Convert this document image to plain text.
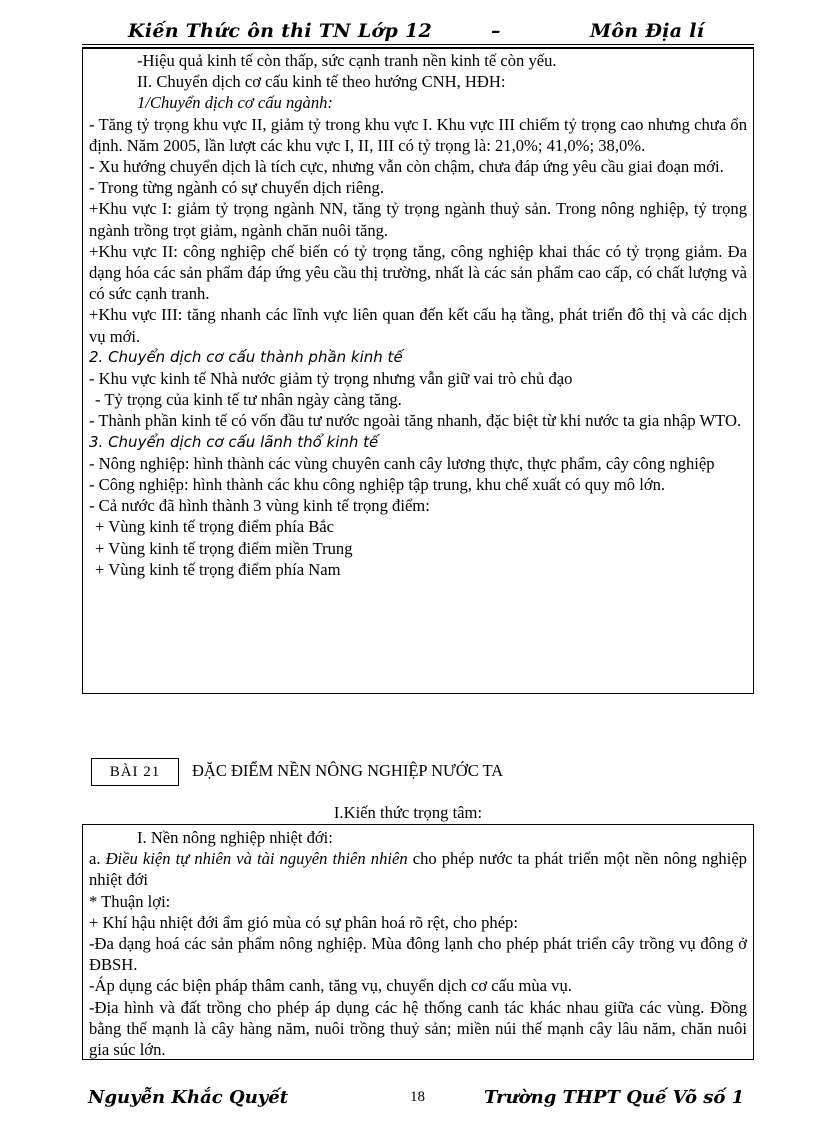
Kiến Thức ôn thi TN Lớp 12	–	Môn Địa lí

-Hiệu quả kinh tế còn thấp, sức cạnh tranh nền kinh tế còn yếu.

II. Chuyển dịch cơ cấu kinh tế theo hướng CNH, HĐH:

1/Chuyển dịch cơ cấu ngành:

- Tăng tỷ trọng khu vực II, giảm tỷ trong khu vực I. Khu vực III chiếm tỷ trọng cao nhưng chưa ổn định. Năm 2005, lần lượt các khu vực I, II, III có tỷ trọng là: 21,0%; 41,0%; 38,0%.

- Xu hướng chuyển dịch là tích cực, nhưng vẫn còn chậm, chưa đáp ứng yêu cầu giai đoạn mới.

- Trong từng ngành có sự chuyển dịch riêng.

+Khu vực I: giảm tỷ trọng ngành NN, tăng tỷ trọng ngành thuỷ sản. Trong nông nghiệp, tỷ trọng ngành trồng trọt giảm, ngành chăn nuôi tăng.

+Khu vực II: công nghiệp chế biến có tỷ trọng tăng, công nghiệp khai thác có tỷ trọng giảm. Đa dạng hóa các sản phẩm đáp ứng yêu cầu thị trường, nhất là các sản phẩm cao cấp, có chất lượng và có sức cạnh tranh.

+Khu vực III: tăng nhanh các lĩnh vực liên quan đến kết cấu hạ tầng, phát triển đô thị và các dịch vụ mới.

2. Chuyển dịch cơ cấu thành phần kinh tế

- Khu vực kinh tế Nhà nước giảm tỷ trọng nhưng vẫn giữ vai trò chủ đạo

- Tỷ trọng của kinh tế tư nhân ngày càng tăng.

- Thành phần kinh tế có vốn đầu tư nước ngoài tăng nhanh, đặc biệt từ khi nước ta gia nhập WTO.

3. Chuyển dịch cơ cấu lãnh thổ kinh tế

- Nông nghiệp: hình thành các vùng chuyên canh cây lương thực, thực phẩm, cây công nghiệp

- Công nghiệp: hình thành các khu công nghiệp tập trung, khu chế xuất có quy mô lớn.

- Cả nước đã hình thành 3 vùng kinh tế trọng điểm:

+ Vùng kinh tế trọng điểm phía Bắc

+ Vùng kinh tế trọng điểm miền Trung

+ Vùng kinh tế trọng điểm phía Nam

BÀI 21	ĐẶC ĐIỂM NỀN NÔNG NGHIỆP NƯỚC TA
I.Kiến thức trọng tâm:

I. Nền nông nghiệp nhiệt đới:

a. Điều kiện tự nhiên và tài nguyên thiên nhiên cho phép nước ta phát triển một nền nông nghiệp nhiệt đới

* Thuận lợi:

+ Khí hậu nhiệt đới ẩm gió mùa có sự phân hoá rõ rệt, cho phép:

-Đa dạng hoá các sản phẩm nông nghiệp. Mùa đông lạnh cho phép phát triển cây trồng vụ đông ở ĐBSH.

-Áp dụng các biện pháp thâm canh, tăng vụ, chuyển dịch cơ cấu mùa vụ.

-Địa hình và đất trồng cho phép áp dụng các hệ thống canh tác khác nhau giữa các vùng. Đồng bằng thế mạnh là cây hàng năm, nuôi trồng thuỷ sản; miền núi thế mạnh cây lâu năm, chăn nuôi gia súc lớn.

Nguyễn Khắc Quyết	18	Trường THPT Quế Võ số 1
